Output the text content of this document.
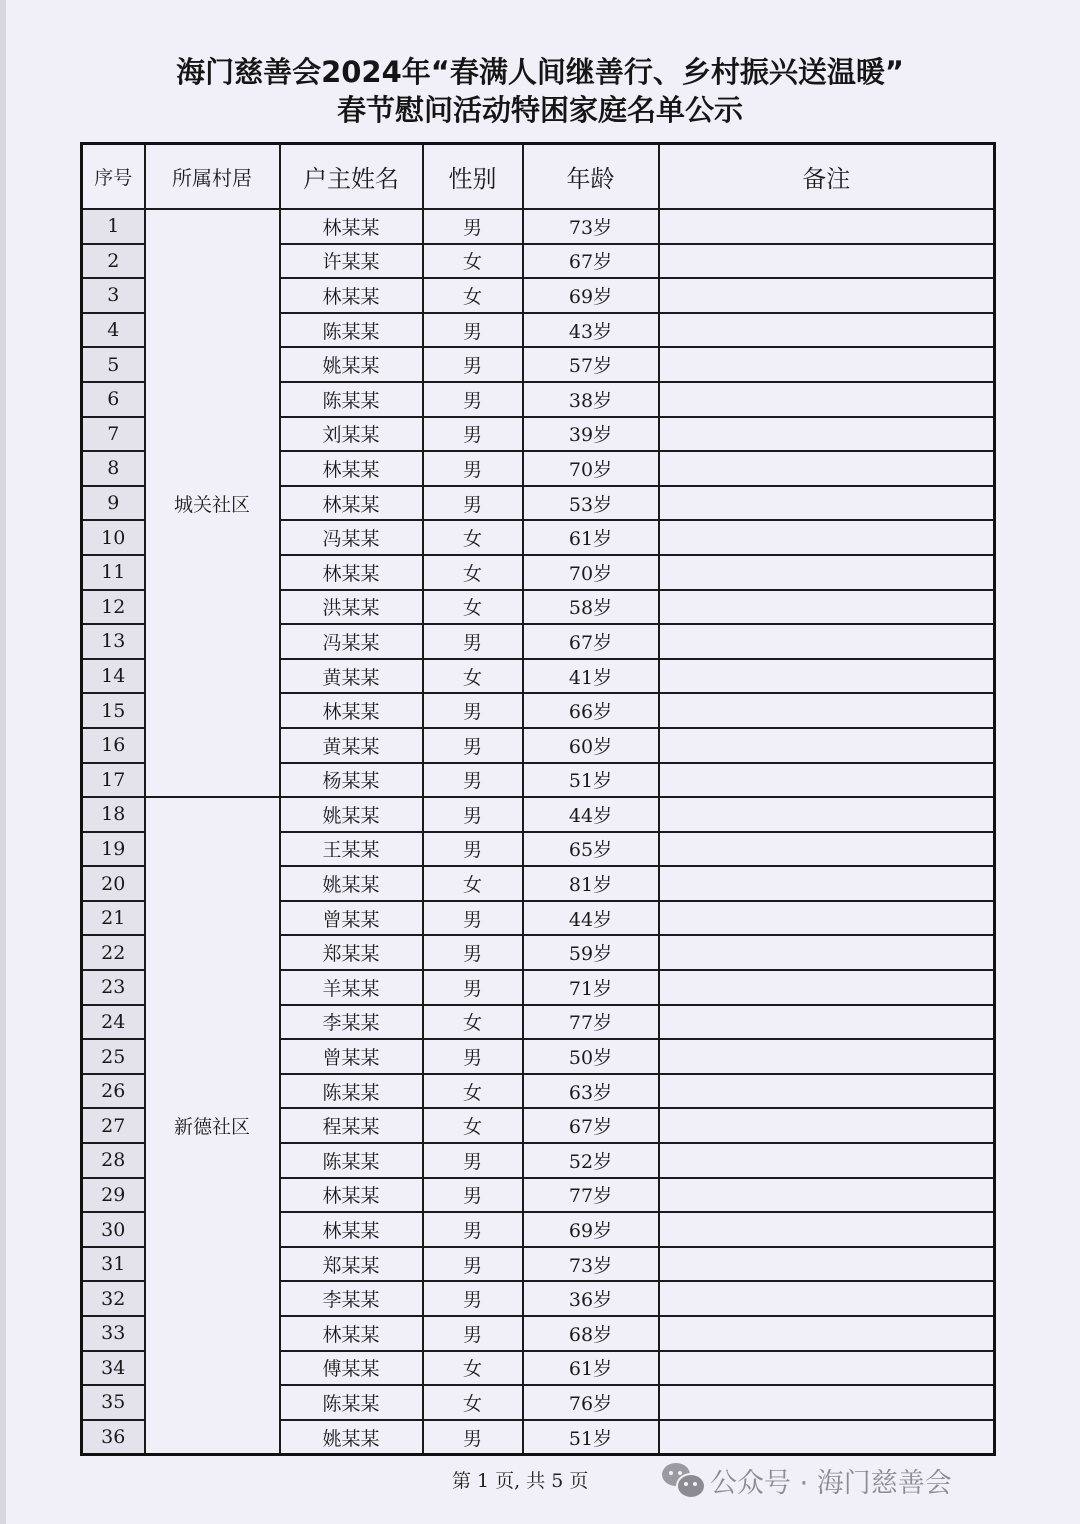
海门慈善会2024年“春满人间继善行、乡村振兴送温暖”
春节慰问活动特困家庭名单公示
序号	所属村居	户主姓名	性别	年龄	备注
1	城关社区	林某某	男	73岁	
2		许某某	女	67岁	
3		林某某	女	69岁	
4		陈某某	男	43岁	
5		姚某某	男	57岁	
6		陈某某	男	38岁	
7		刘某某	男	39岁	
8		林某某	男	70岁	
9		林某某	男	53岁	
10		冯某某	女	61岁	
11		林某某	女	70岁	
12		洪某某	女	58岁	
13		冯某某	男	67岁	
14		黄某某	女	41岁	
15		林某某	男	66岁	
16		黄某某	男	60岁	
17		杨某某	男	51岁	
18	新德社区	姚某某	男	44岁	
19		王某某	男	65岁	
20		姚某某	女	81岁	
21		曾某某	男	44岁	
22		郑某某	男	59岁	
23		羊某某	男	71岁	
24		李某某	女	77岁	
25		曾某某	男	50岁	
26		陈某某	女	63岁	
27		程某某	女	67岁	
28		陈某某	男	52岁	
29		林某某	男	77岁	
30		林某某	男	69岁	
31		郑某某	男	73岁	
32		李某某	男	36岁	
33		林某某	男	68岁	
34		傅某某	女	61岁	
35		陈某某	女	76岁	
36		姚某某	男	51岁	
第 1 页, 共 5 页	公众号 · 海门慈善会
